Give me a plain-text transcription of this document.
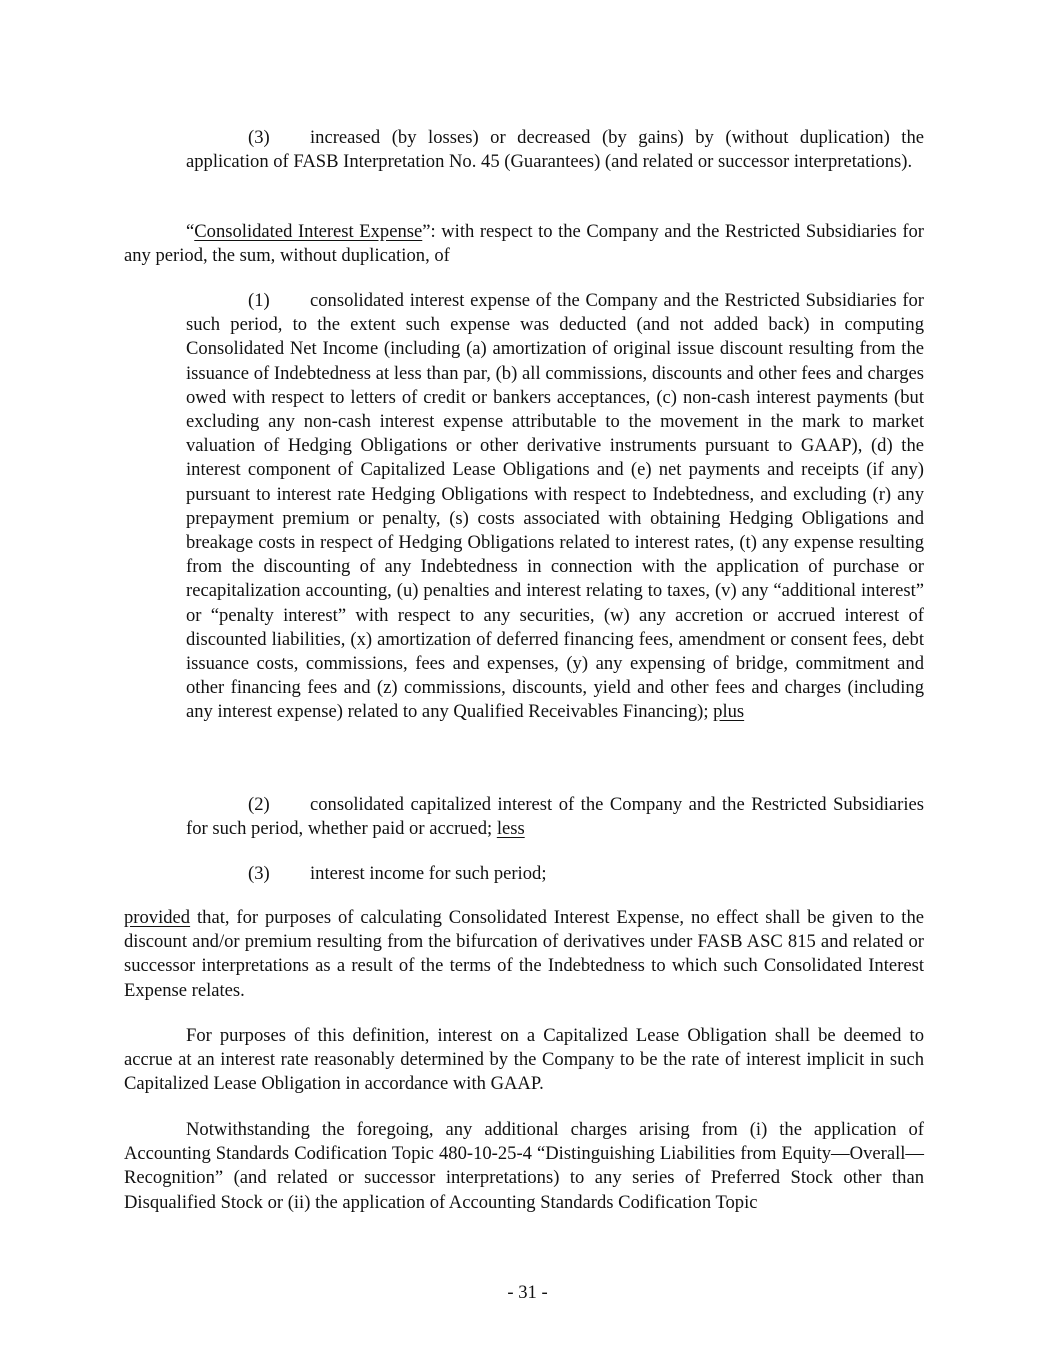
(3) increased (by losses) or decreased (by gains) by (without duplication) the application of FASB Interpretation No. 45 (Guarantees) (and related or successor interpretations).

“Consolidated Interest Expense”: with respect to the Company and the Restricted Subsidiaries for any period, the sum, without duplication, of

(1) consolidated interest expense of the Company and the Restricted Subsidiaries for such period, to the extent such expense was deducted (and not added back) in computing Consolidated Net Income (including (a) amortization of original issue discount resulting from the issuance of Indebtedness at less than par, (b) all commissions, discounts and other fees and charges owed with respect to letters of credit or bankers acceptances, (c) non-cash interest payments (but excluding any non-cash interest expense attributable to the movement in the mark to market valuation of Hedging Obligations or other derivative instruments pursuant to GAAP), (d) the interest component of Capitalized Lease Obligations and (e) net payments and receipts (if any) pursuant to interest rate Hedging Obligations with respect to Indebtedness, and excluding (r) any prepayment premium or penalty, (s) costs associated with obtaining Hedging Obligations and breakage costs in respect of Hedging Obligations related to interest rates, (t) any expense resulting from the discounting of any Indebtedness in connection with the application of purchase or recapitalization accounting, (u) penalties and interest relating to taxes, (v) any “additional interest” or “penalty interest” with respect to any securities, (w) any accretion or accrued interest of discounted liabilities, (x) amortization of deferred financing fees, amendment or consent fees, debt issuance costs, commissions, fees and expenses, (y) any expensing of bridge, commitment and other financing fees and (z) commissions, discounts, yield and other fees and charges (including any interest expense) related to any Qualified Receivables Financing); plus

(2) consolidated capitalized interest of the Company and the Restricted Subsidiaries for such period, whether paid or accrued; less

(3) interest income for such period;

provided that, for purposes of calculating Consolidated Interest Expense, no effect shall be given to the discount and/or premium resulting from the bifurcation of derivatives under FASB ASC 815 and related or successor interpretations as a result of the terms of the Indebtedness to which such Consolidated Interest Expense relates.

For purposes of this definition, interest on a Capitalized Lease Obligation shall be deemed to accrue at an interest rate reasonably determined by the Company to be the rate of interest implicit in such Capitalized Lease Obligation in accordance with GAAP.

Notwithstanding the foregoing, any additional charges arising from (i) the application of Accounting Standards Codification Topic 480-10-25-4 “Distinguishing Liabilities from Equity—Overall—Recognition” (and related or successor interpretations) to any series of Preferred Stock other than Disqualified Stock or (ii) the application of Accounting Standards Codification Topic

- 31 -
